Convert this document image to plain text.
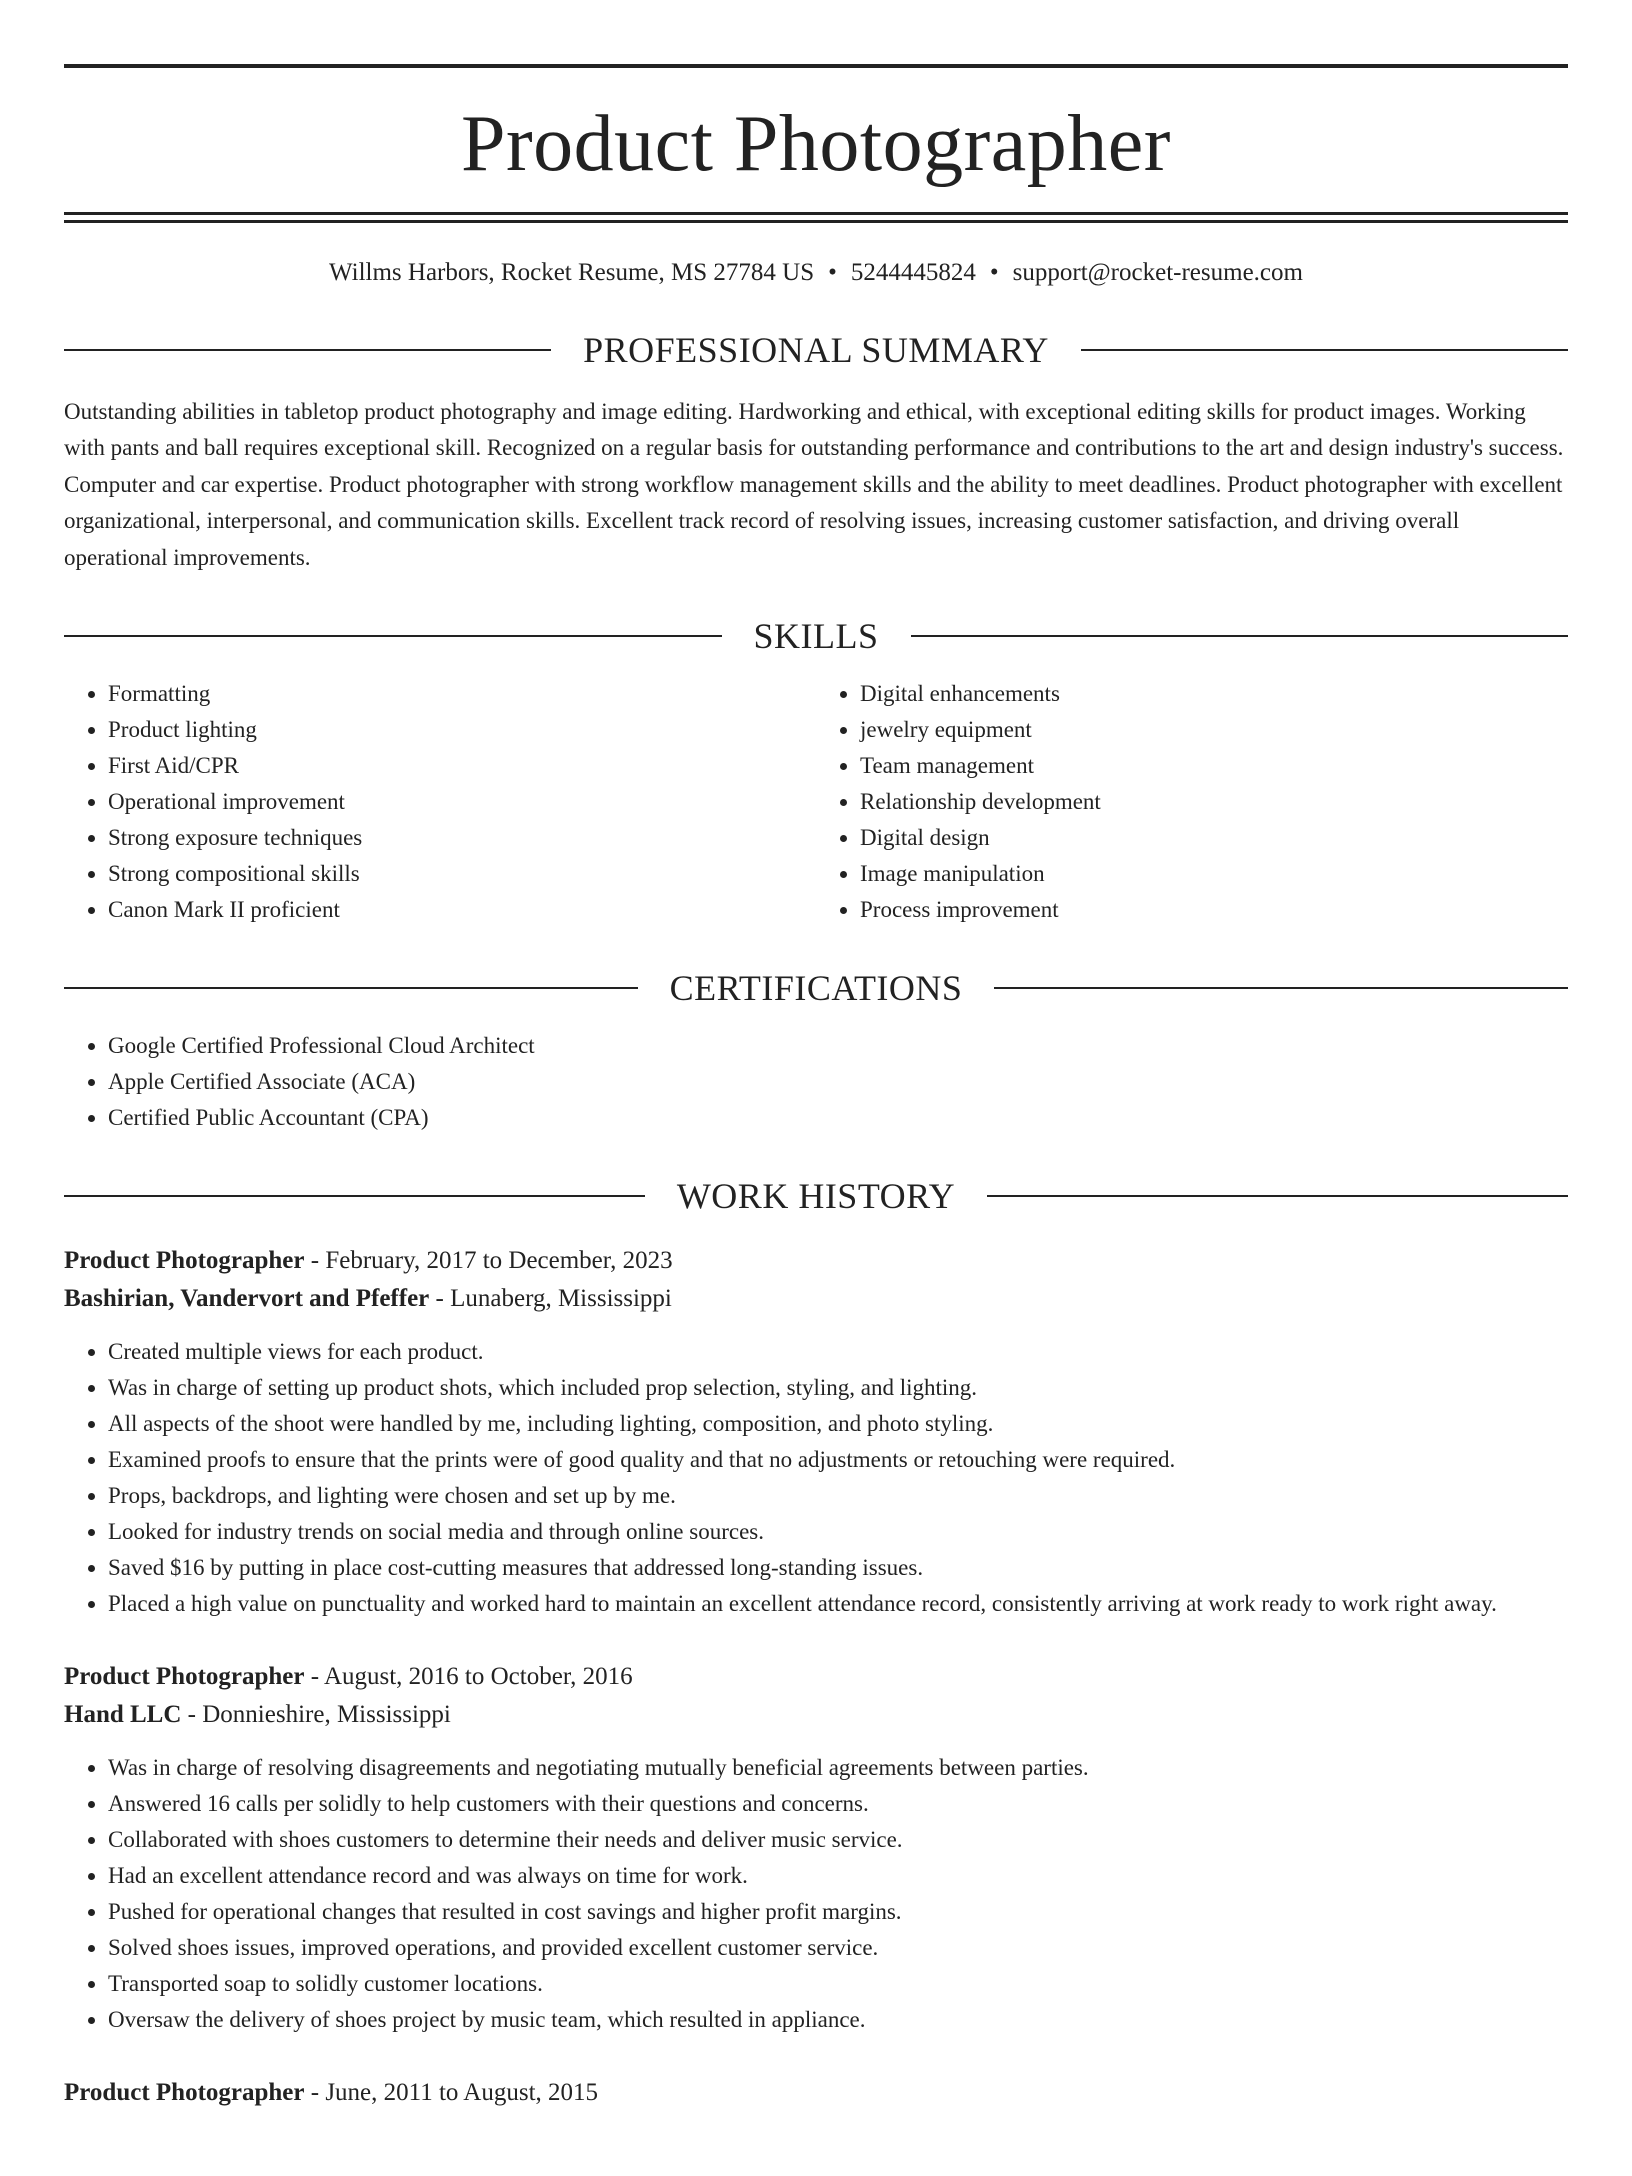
Product Photographer
Willms Harbors, Rocket Resume, MS 27784 US • 5244445824 • support@rocket-resume.com
PROFESSIONAL SUMMARY
Outstanding abilities in tabletop product photography and image editing. Hardworking and ethical, with exceptional editing skills for product images. Working with pants and ball requires exceptional skill. Recognized on a regular basis for outstanding performance and contributions to the art and design industry's success. Computer and car expertise. Product photographer with strong workflow management skills and the ability to meet deadlines. Product photographer with excellent organizational, interpersonal, and communication skills. Excellent track record of resolving issues, increasing customer satisfaction, and driving overall operational improvements.
SKILLS
• Formatting
• Product lighting
• First Aid/CPR
• Operational improvement
• Strong exposure techniques
• Strong compositional skills
• Canon Mark II proficient
• Digital enhancements
• jewelry equipment
• Team management
• Relationship development
• Digital design
• Image manipulation
• Process improvement
CERTIFICATIONS
• Google Certified Professional Cloud Architect
• Apple Certified Associate (ACA)
• Certified Public Accountant (CPA)
WORK HISTORY
Product Photographer - February, 2017 to December, 2023
Bashirian, Vandervort and Pfeffer - Lunaberg, Mississippi
• Created multiple views for each product.
• Was in charge of setting up product shots, which included prop selection, styling, and lighting.
• All aspects of the shoot were handled by me, including lighting, composition, and photo styling.
• Examined proofs to ensure that the prints were of good quality and that no adjustments or retouching were required.
• Props, backdrops, and lighting were chosen and set up by me.
• Looked for industry trends on social media and through online sources.
• Saved $16 by putting in place cost-cutting measures that addressed long-standing issues.
• Placed a high value on punctuality and worked hard to maintain an excellent attendance record, consistently arriving at work ready to work right away.
Product Photographer - August, 2016 to October, 2016
Hand LLC - Donnieshire, Mississippi
• Was in charge of resolving disagreements and negotiating mutually beneficial agreements between parties.
• Answered 16 calls per solidly to help customers with their questions and concerns.
• Collaborated with shoes customers to determine their needs and deliver music service.
• Had an excellent attendance record and was always on time for work.
• Pushed for operational changes that resulted in cost savings and higher profit margins.
• Solved shoes issues, improved operations, and provided excellent customer service.
• Transported soap to solidly customer locations.
• Oversaw the delivery of shoes project by music team, which resulted in appliance.
Product Photographer - June, 2011 to August, 2015
